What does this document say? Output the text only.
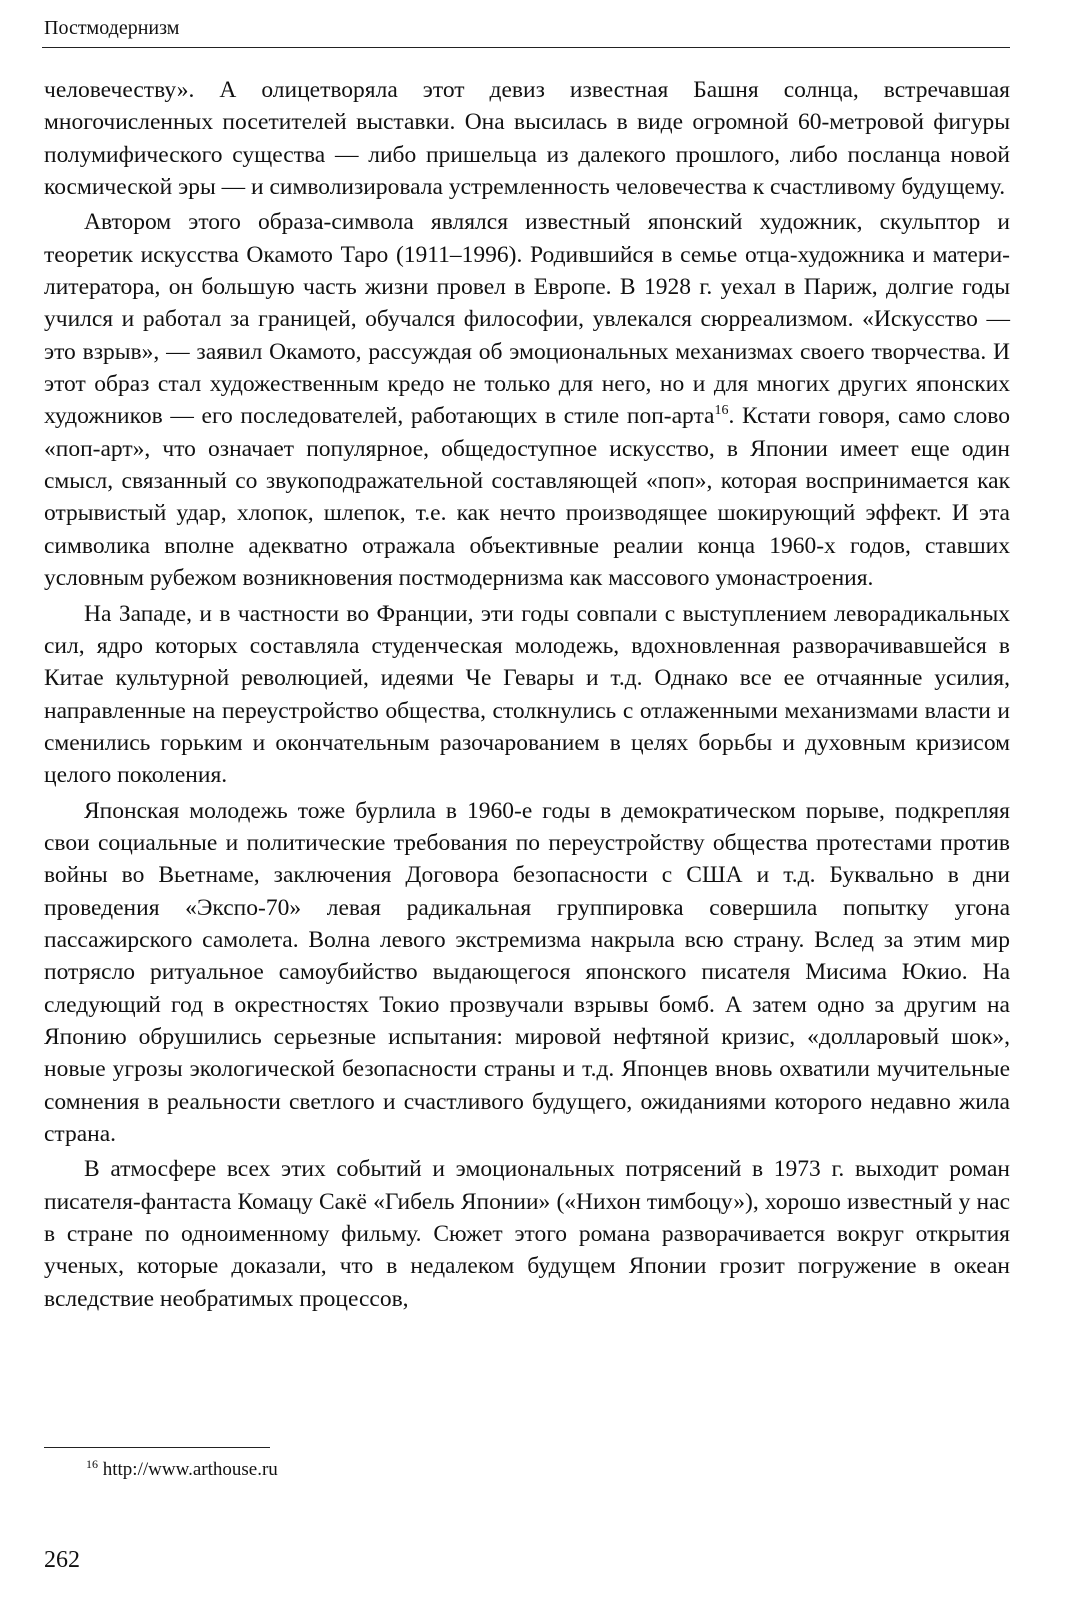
Постмодернизм

человечеству». А олицетворяла этот девиз известная Башня солнца, встречавшая многочисленных посетителей выставки. Она высилась в виде огромной 60-метровой фигуры полумифического существа — либо пришельца из далекого прошлого, либо посланца новой космической эры — и символизировала устремленность человечества к счастливому будущему.

Автором этого образа-символа являлся известный японский художник, скульптор и теоретик искусства Окамото Таро (1911–1996). Родившийся в семье отца-художника и матери-литератора, он большую часть жизни провел в Европе. В 1928 г. уехал в Париж, долгие годы учился и работал за границей, обучался философии, увлекался сюрреализмом. «Искусство — это взрыв», — заявил Окамото, рассуждая об эмоциональных механизмах своего творчества. И этот образ стал художественным кредо не только для него, но и для многих других японских художников — его последователей, работающих в стиле поп-арта$^{16}$. Кстати говоря, само слово «поп-арт», что означает популярное, общедоступное искусство, в Японии имеет еще один смысл, связанный со звукоподражательной составляющей «поп», которая воспринимается как отрывистый удар, хлопок, шлепок, т.е. как нечто производящее шокирующий эффект. И эта символика вполне адекватно отражала объективные реалии конца 1960-х годов, ставших условным рубежом возникновения постмодернизма как массового умонастроения.

На Западе, и в частности во Франции, эти годы совпали с выступлением леворадикальных сил, ядро которых составляла студенческая молодежь, вдохновленная разворачивавшейся в Китае культурной революцией, идеями Че Гевары и т.д. Однако все ее отчаянные усилия, направленные на переустройство общества, столкнулись с отлаженными механизмами власти и сменились горьким и окончательным разочарованием в целях борьбы и духовным кризисом целого поколения.

Японская молодежь тоже бурлила в 1960-е годы в демократическом порыве, подкрепляя свои социальные и политические требования по переустройству общества протестами против войны во Вьетнаме, заключения Договора безопасности с США и т.д. Буквально в дни проведения «Экспо-70» левая радикальная группировка совершила попытку угона пассажирского самолета. Волна левого экстремизма накрыла всю страну. Вслед за этим мир потрясло ритуальное самоубийство выдающегося японского писателя Мисима Юкио. На следующий год в окрестностях Токио прозвучали взрывы бомб. А затем одно за другим на Японию обрушились серьезные испытания: мировой нефтяной кризис, «долларовый шок», новые угрозы экологической безопасности страны и т.д. Японцев вновь охватили мучительные сомнения в реальности светлого и счастливого будущего, ожиданиями которого недавно жила страна.

В атмосфере всех этих событий и эмоциональных потрясений в 1973 г. выходит роман писателя-фантаста Комацу Сакё «Гибель Японии» («Нихон тимбоцу»), хорошо известный у нас в стране по одноименному фильму. Сюжет этого романа разворачивается вокруг открытия ученых, которые доказали, что в недалеком будущем Японии грозит погружение в океан вследствие необратимых процессов,

$^{16}$ http://www.arthouse.ru
262
